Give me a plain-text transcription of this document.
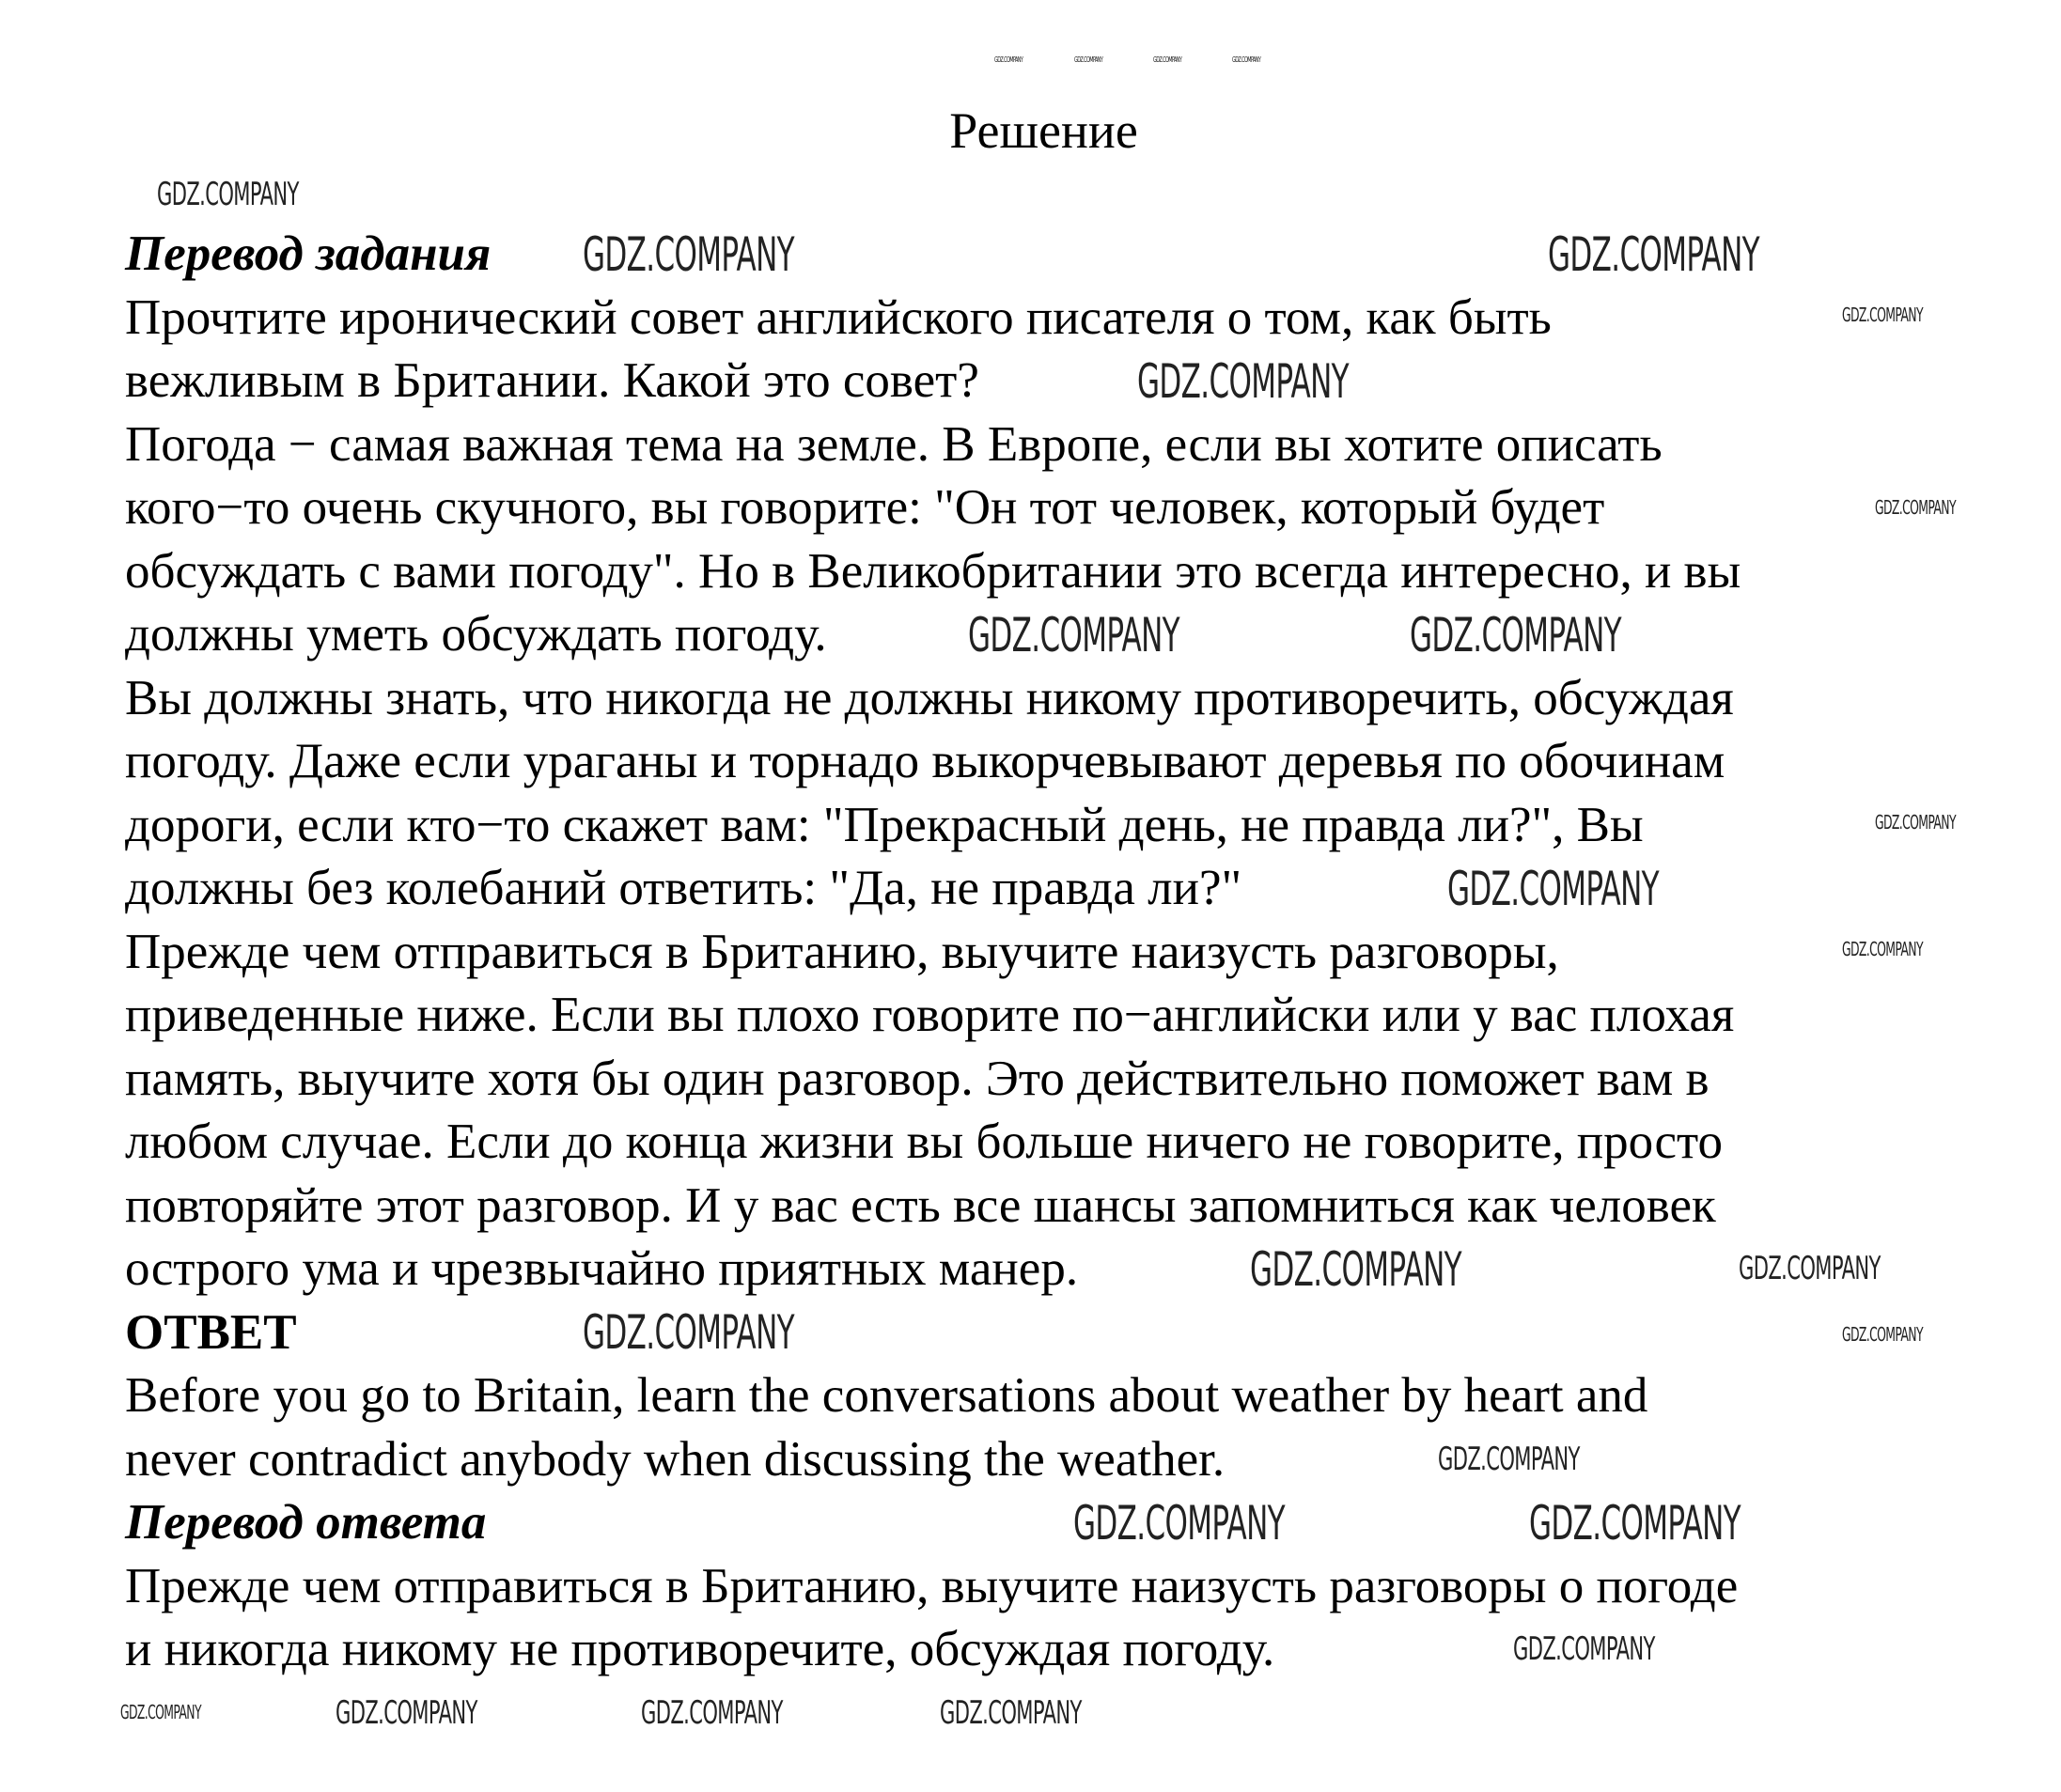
Решение
Перевод задания
Прочтите иронический совет английского писателя о том, как быть
вежливым в Британии. Какой это совет?
Погода − самая важная тема на земле. В Европе, если вы хотите описать
кого−то очень скучного, вы говорите: "Он тот человек, который будет
обсуждать с вами погоду". Но в Великобритании это всегда интересно, и вы
должны уметь обсуждать погоду.
Вы должны знать, что никогда не должны никому противоречить, обсуждая
погоду. Даже если ураганы и торнадо выкорчевывают деревья по обочинам
дороги, если кто−то скажет вам: "Прекрасный день, не правда ли?", Вы
должны без колебаний ответить: "Да, не правда ли?"
Прежде чем отправиться в Британию, выучите наизусть разговоры,
приведенные ниже. Если вы плохо говорите по−английски или у вас плохая
память, выучите хотя бы один разговор. Это действительно поможет вам в
любом случае. Если до конца жизни вы больше ничего не говорите, просто
повторяйте этот разговор. И у вас есть все шансы запомниться как человек
острого ума и чрезвычайно приятных манер.
ОТВЕТ
Before you go to Britain, learn the conversations about weather by heart and
never contradict anybody when discussing the weather.
Перевод ответа
Прежде чем отправиться в Британию, выучите наизусть разговоры о погоде
и никогда никому не противоречите, обсуждая погоду.
GDZ.COMPANY	GDZ.COMPANY	GDZ.COMPANY	GDZ.COMPANY
GDZ.COMPANY
GDZ.COMPANY	GDZ.COMPANY
GDZ.COMPANY
GDZ.COMPANY
GDZ.COMPANY
GDZ.COMPANY	GDZ.COMPANY
GDZ.COMPANY
GDZ.COMPANY
GDZ.COMPANY
GDZ.COMPANY	GDZ.COMPANY
GDZ.COMPANY	GDZ.COMPANY
GDZ.COMPANY
GDZ.COMPANY	GDZ.COMPANY
GDZ.COMPANY
GDZ.COMPANY	GDZ.COMPANY	GDZ.COMPANY	GDZ.COMPANY
